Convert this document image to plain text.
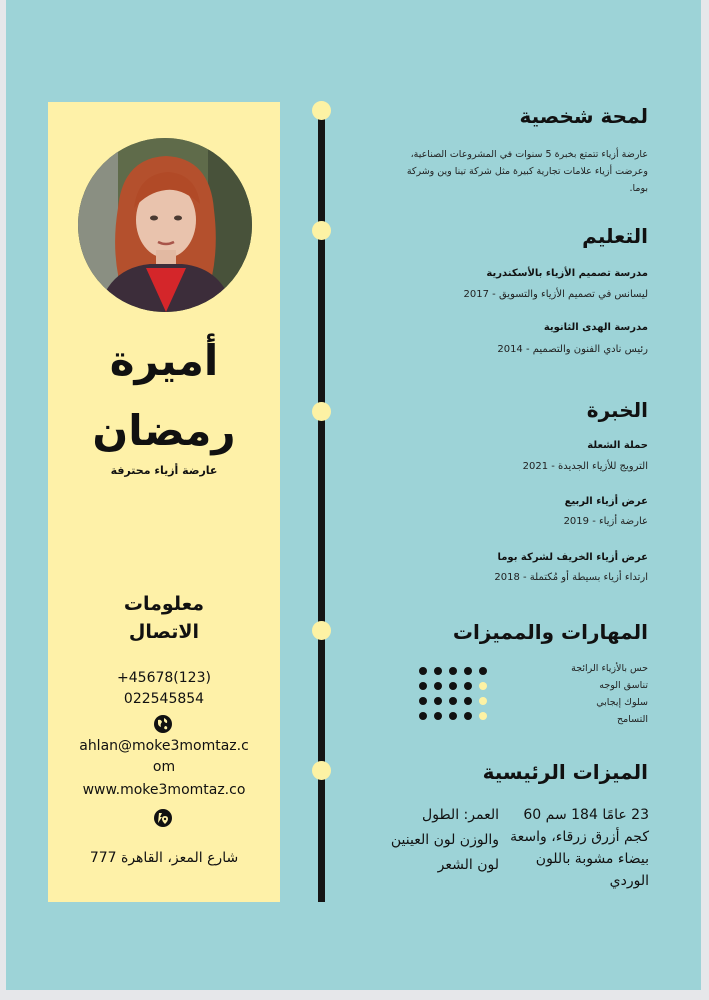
أميرة
رمضان
عارضة أزياء محترفة
معلومات
الاتصال
+45678(123)
022545854
ahlan@moke3momtaz.c
om
www.moke3momtaz.co
777 شارع المعز، القاهرة
لمحة شخصية
عارضة أزياء تتمتع بخبرة 5 سنوات في المشروعات الصناعية،
وعرضت أزياء علامات تجارية كبيرة مثل شركة تينا وين وشركة
بوما.
التعليم
مدرسة تصميم الأزياء بالأسكندرية
ليسانس في تصميم الأزياء والتسويق - 2017
مدرسة الهدى الثانوية
رئيس نادي الفنون والتصميم - 2014
الخبرة
حملة الشعلة
الترويج للأزياء الجديدة - 2021
عرض أزياء الربيع
عارضة أزياء - 2019
عرض أزياء الخريف لشركة بوما
ارتداء أزياء بسيطة أو مُكتملة - 2018
المهارات والمميزات
حس بالأزياء الرائجة
تناسق الوجه
سلوك إيجابي
التسامح
الميزات الرئيسية
23 عامًا 184 سم 60
كجم أزرق زرقاء، واسعة
بيضاء مشوبة باللون
الوردي
العمر: الطول
والوزن لون العينين
لون الشعر
